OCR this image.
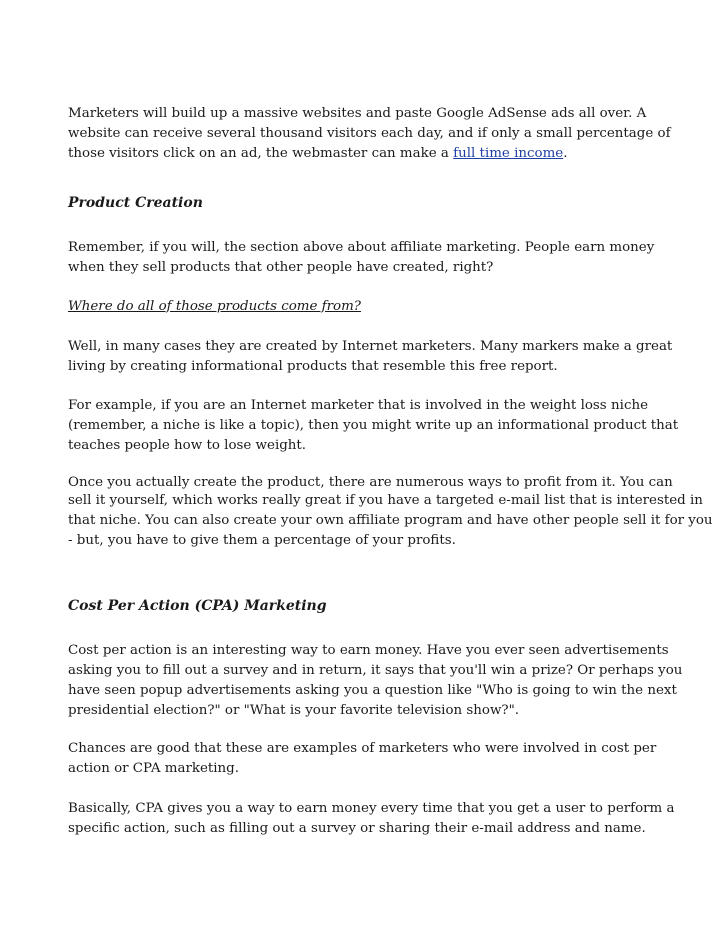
Marketers will build up a massive websites and paste Google AdSense ads all over. A
website can receive several thousand visitors each day, and if only a small percentage of
those visitors click on an ad, the webmaster can make a full time income.
Product Creation
Remember, if you will, the section above about affiliate marketing. People earn money
when they sell products that other people have created, right?
Where do all of those products come from?
Well, in many cases they are created by Internet marketers. Many markers make a great
living by creating informational products that resemble this free report.
For example, if you are an Internet marketer that is involved in the weight loss niche
(remember, a niche is like a topic), then you might write up an informational product that
teaches people how to lose weight.
Once you actually create the product, there are numerous ways to profit from it. You can
sell it yourself, which works really great if you have a targeted e-mail list that is interested in
that niche. You can also create your own affiliate program and have other people sell it for you
- but, you have to give them a percentage of your profits.
Cost Per Action (CPA) Marketing
Cost per action is an interesting way to earn money. Have you ever seen advertisements
asking you to fill out a survey and in return, it says that you'll win a prize? Or perhaps you
have seen popup advertisements asking you a question like "Who is going to win the next
presidential election?" or "What is your favorite television show?".
Chances are good that these are examples of marketers who were involved in cost per
action or CPA marketing.
Basically, CPA gives you a way to earn money every time that you get a user to perform a
specific action, such as filling out a survey or sharing their e-mail address and name.
